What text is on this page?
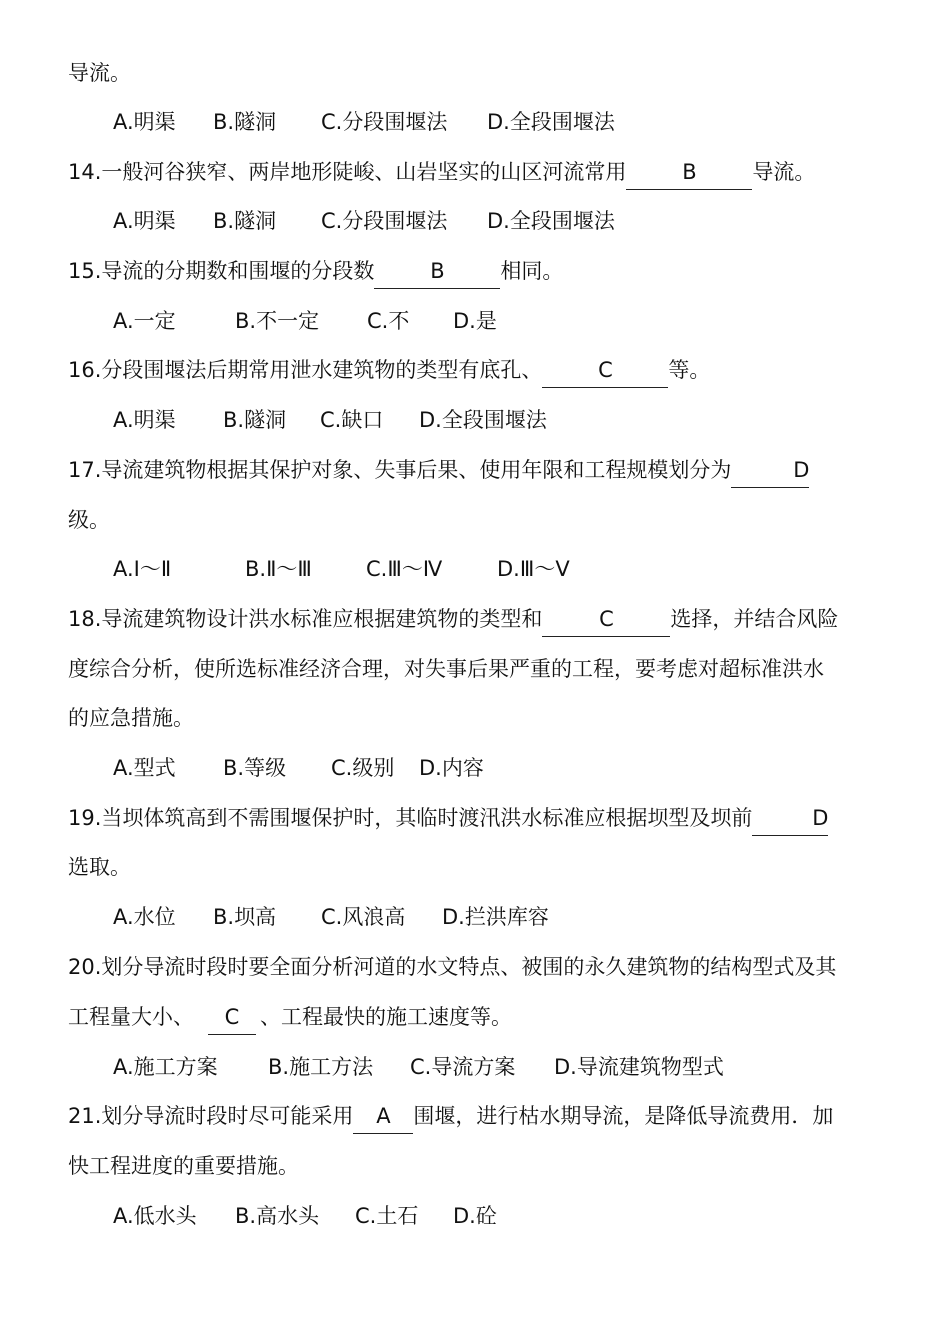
导流。
A.明渠 B.隧洞 C.分段围堰法 D.全段围堰法
14.一般河谷狭窄、两岸地形陡峻、山岩坚实的山区河流常用	B	导流。
A.明渠 B.隧洞 C.分段围堰法 D.全段围堰法
15.导流的分期数和围堰的分段数	B	相同。
A.一定	B.不一定 C.不 D.是
16.分段围堰法后期常用泄水建筑物的类型有底孔、	C	等。
A.明渠 B.隧洞 C.缺口 D.全段围堰法
17.导流建筑物根据其保护对象、失事后果、使用年限和工程规模划分为	D
级。
A.Ⅰ～Ⅱ	B.Ⅱ～Ⅲ	C.Ⅲ～Ⅳ	D.Ⅲ～Ⅴ
18.导流建筑物设计洪水标准应根据建筑物的类型和	C	选择，并结合风险
度综合分析，使所选标准经济合理，对失事后果严重的工程，要考虑对超标准洪水
的应急措施。
A.型式 B.等级 C.级别 D.内容
19.当坝体筑高到不需围堰保护时，其临时渡汛洪水标准应根据坝型及坝前	D
选取。
A.水位 B.坝高 C.风浪高 D.拦洪库容
20.划分导流时段时要全面分析河道的水文特点、被围的永久建筑物的结构型式及其
工程量大小、 C 、工程最快的施工速度等。
A.施工方案 B.施工方法 C.导流方案 D.导流建筑物型式
21.划分导流时段时尽可能采用 A 围堰，进行枯水期导流，是降低导流费用．加
快工程进度的重要措施。
A.低水头 B.高水头 C.土石 D.砼
